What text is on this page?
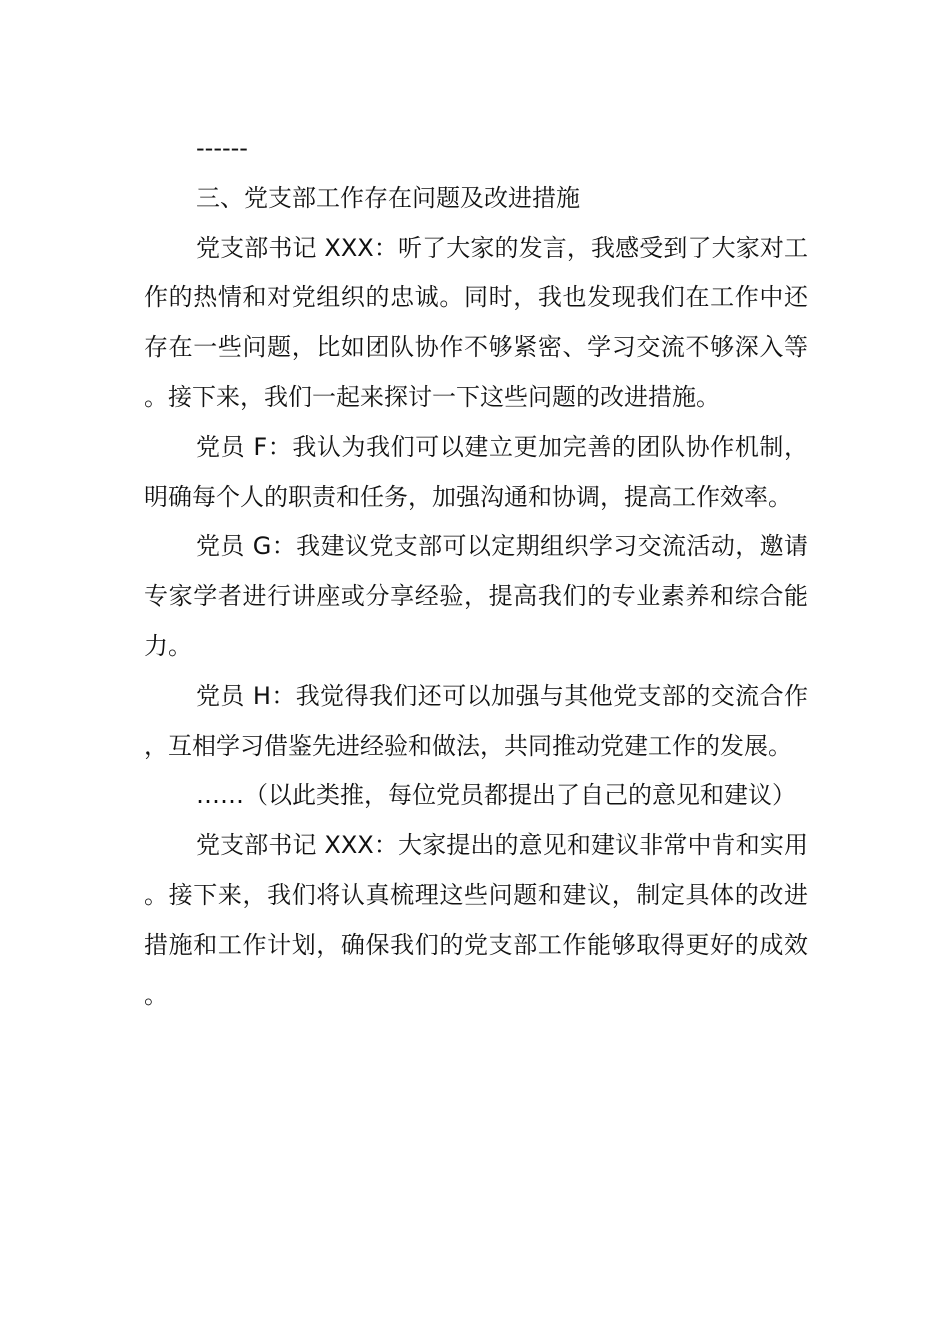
------

三、党支部工作存在问题及改进措施

党支部书记 XXX：听了大家的发言，我感受到了大家对工作的热情和对党组织的忠诚。同时，我也发现我们在工作中还存在一些问题，比如团队协作不够紧密、学习交流不够深入等。接下来，我们一起来探讨一下这些问题的改进措施。

党员 F：我认为我们可以建立更加完善的团队协作机制，明确每个人的职责和任务，加强沟通和协调，提高工作效率。

党员 G：我建议党支部可以定期组织学习交流活动，邀请专家学者进行讲座或分享经验，提高我们的专业素养和综合能力。

党员 H：我觉得我们还可以加强与其他党支部的交流合作，互相学习借鉴先进经验和做法，共同推动党建工作的发展。

……（以此类推，每位党员都提出了自己的意见和建议）

党支部书记 XXX：大家提出的意见和建议非常中肯和实用。接下来，我们将认真梳理这些问题和建议，制定具体的改进措施和工作计划，确保我们的党支部工作能够取得更好的成效。
